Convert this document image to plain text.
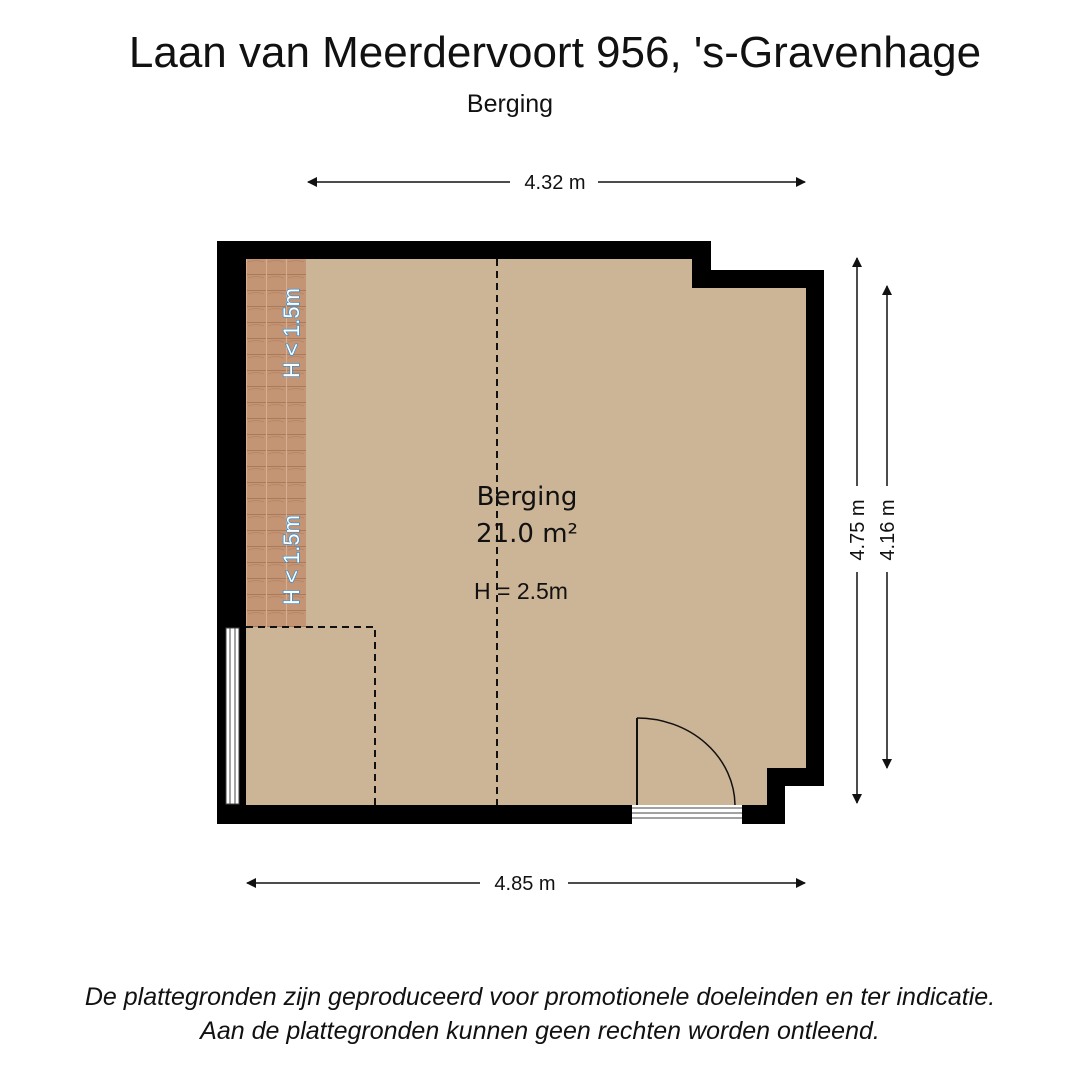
Laan van Meerdervoort 956, 's-Gravenhage
Berging
Berging
21.0 m²
H = 2.5m
H < 1.5m
H < 1.5m
4.32 m
4.85 m
4.75 m 4.16 m
De plattegronden zijn geproduceerd voor promotionele doeleinden en ter indicatie.
Aan de plattegronden kunnen geen rechten worden ontleend.
